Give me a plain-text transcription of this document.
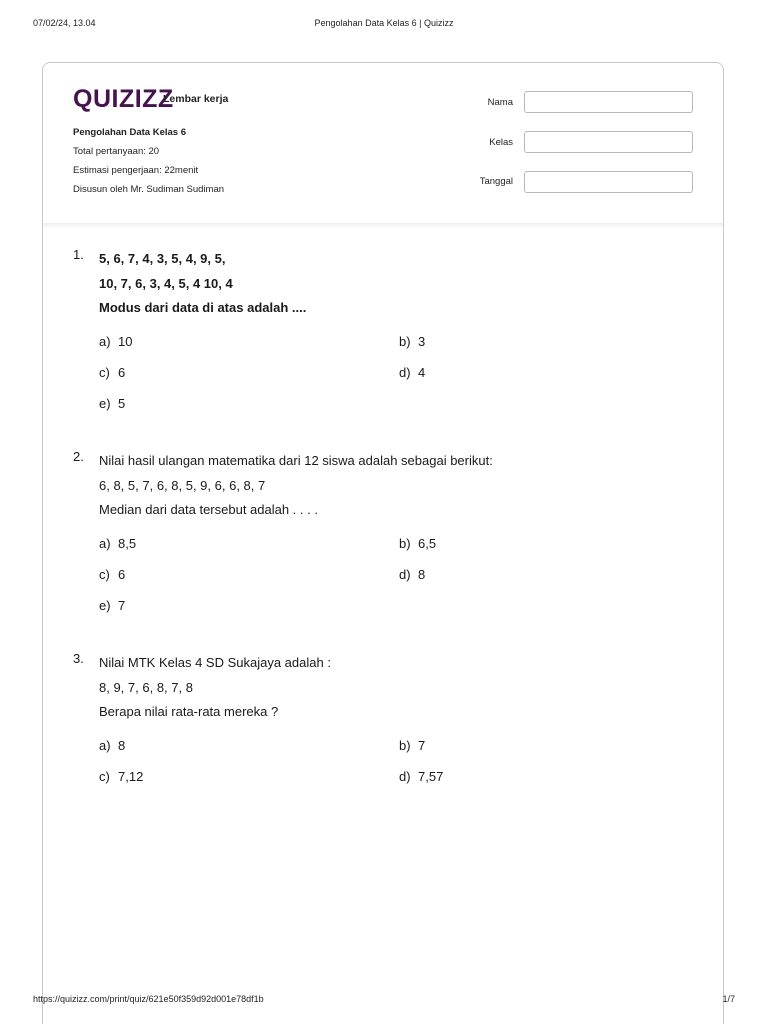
07/02/24, 13.04	Pengolahan Data Kelas 6 | Quizizz
QUIZIZZ
Lembar kerja
Pengolahan Data Kelas 6
Total pertanyaan: 20
Estimasi pengerjaan: 22menit
Disusun oleh Mr. Sudiman Sudiman
Nama
Kelas
Tanggal
1. 5, 6, 7, 4, 3, 5, 4, 9, 5,
10, 7, 6, 3, 4, 5, 4 10, 4
Modus dari data di atas adalah ....
a) 10	b) 3
c) 6	d) 4
e) 5
2. Nilai hasil ulangan matematika dari 12 siswa adalah sebagai berikut:
6, 8, 5, 7, 6, 8, 5, 9, 6, 6, 8, 7
Median dari data tersebut adalah . . . .
a) 8,5	b) 6,5
c) 6	d) 8
e) 7
3. Nilai MTK Kelas 4 SD Sukajaya adalah :
8, 9, 7, 6, 8, 7, 8
Berapa nilai rata-rata mereka ?
a) 8	b) 7
c) 7,12	d) 7,57
https://quizizz.com/print/quiz/621e50f359d92d001e78df1b	1/7
